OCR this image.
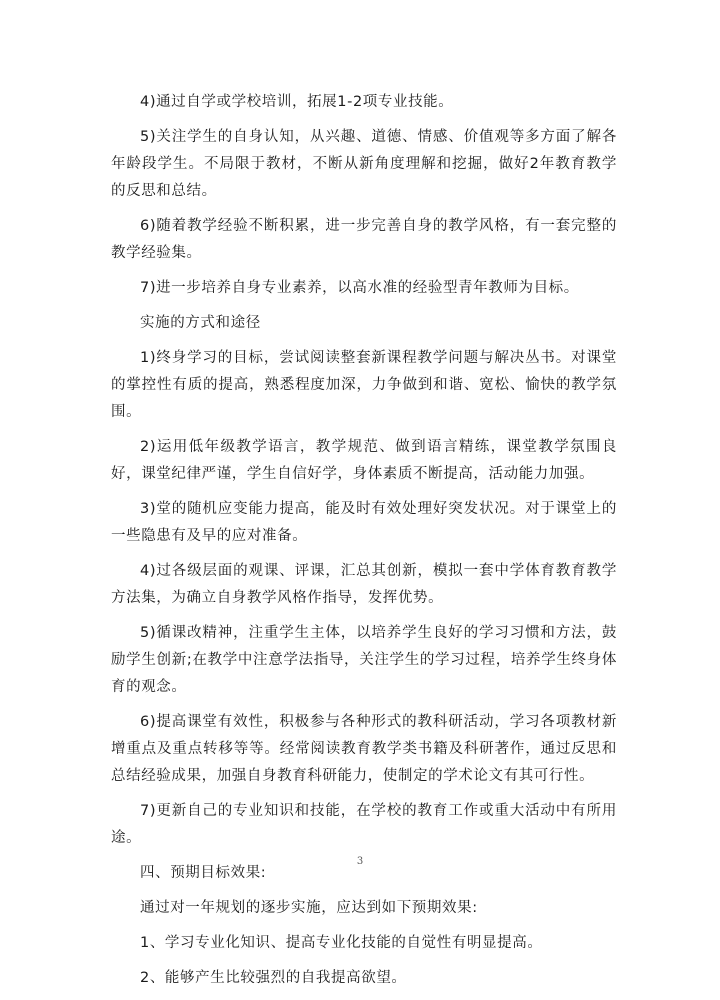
4)通过自学或学校培训，拓展1-2项专业技能。

5)关注学生的自身认知，从兴趣、道德、情感、价值观等多方面了解各年龄段学生。不局限于教材，不断从新角度理解和挖掘，做好2年教育教学的反思和总结。

6)随着教学经验不断积累，进一步完善自身的教学风格，有一套完整的教学经验集。

7)进一步培养自身专业素养，以高水准的经验型青年教师为目标。

实施的方式和途径

1)终身学习的目标，尝试阅读整套新课程教学问题与解决丛书。对课堂的掌控性有质的提高，熟悉程度加深，力争做到和谐、宽松、愉快的教学氛围。

2)运用低年级教学语言，教学规范、做到语言精练，课堂教学氛围良好，课堂纪律严谨，学生自信好学，身体素质不断提高，活动能力加强。

3)堂的随机应变能力提高，能及时有效处理好突发状况。对于课堂上的一些隐患有及早的应对准备。

4)过各级层面的观课、评课，汇总其创新，模拟一套中学体育教育教学方法集，为确立自身教学风格作指导，发挥优势。

5)循课改精神，注重学生主体，以培养学生良好的学习习惯和方法，鼓励学生创新;在教学中注意学法指导，关注学生的学习过程，培养学生终身体育的观念。

6)提高课堂有效性，积极参与各种形式的教科研活动，学习各项教材新增重点及重点转移等等。经常阅读教育教学类书籍及科研著作，通过反思和总结经验成果，加强自身教育科研能力，使制定的学术论文有其可行性。

7)更新自己的专业知识和技能，在学校的教育工作或重大活动中有所用途。

四、预期目标效果:

通过对一年规划的逐步实施，应达到如下预期效果:

1、学习专业化知识、提高专业化技能的自觉性有明显提高。

2、能够产生比较强烈的自我提高欲望。

3
